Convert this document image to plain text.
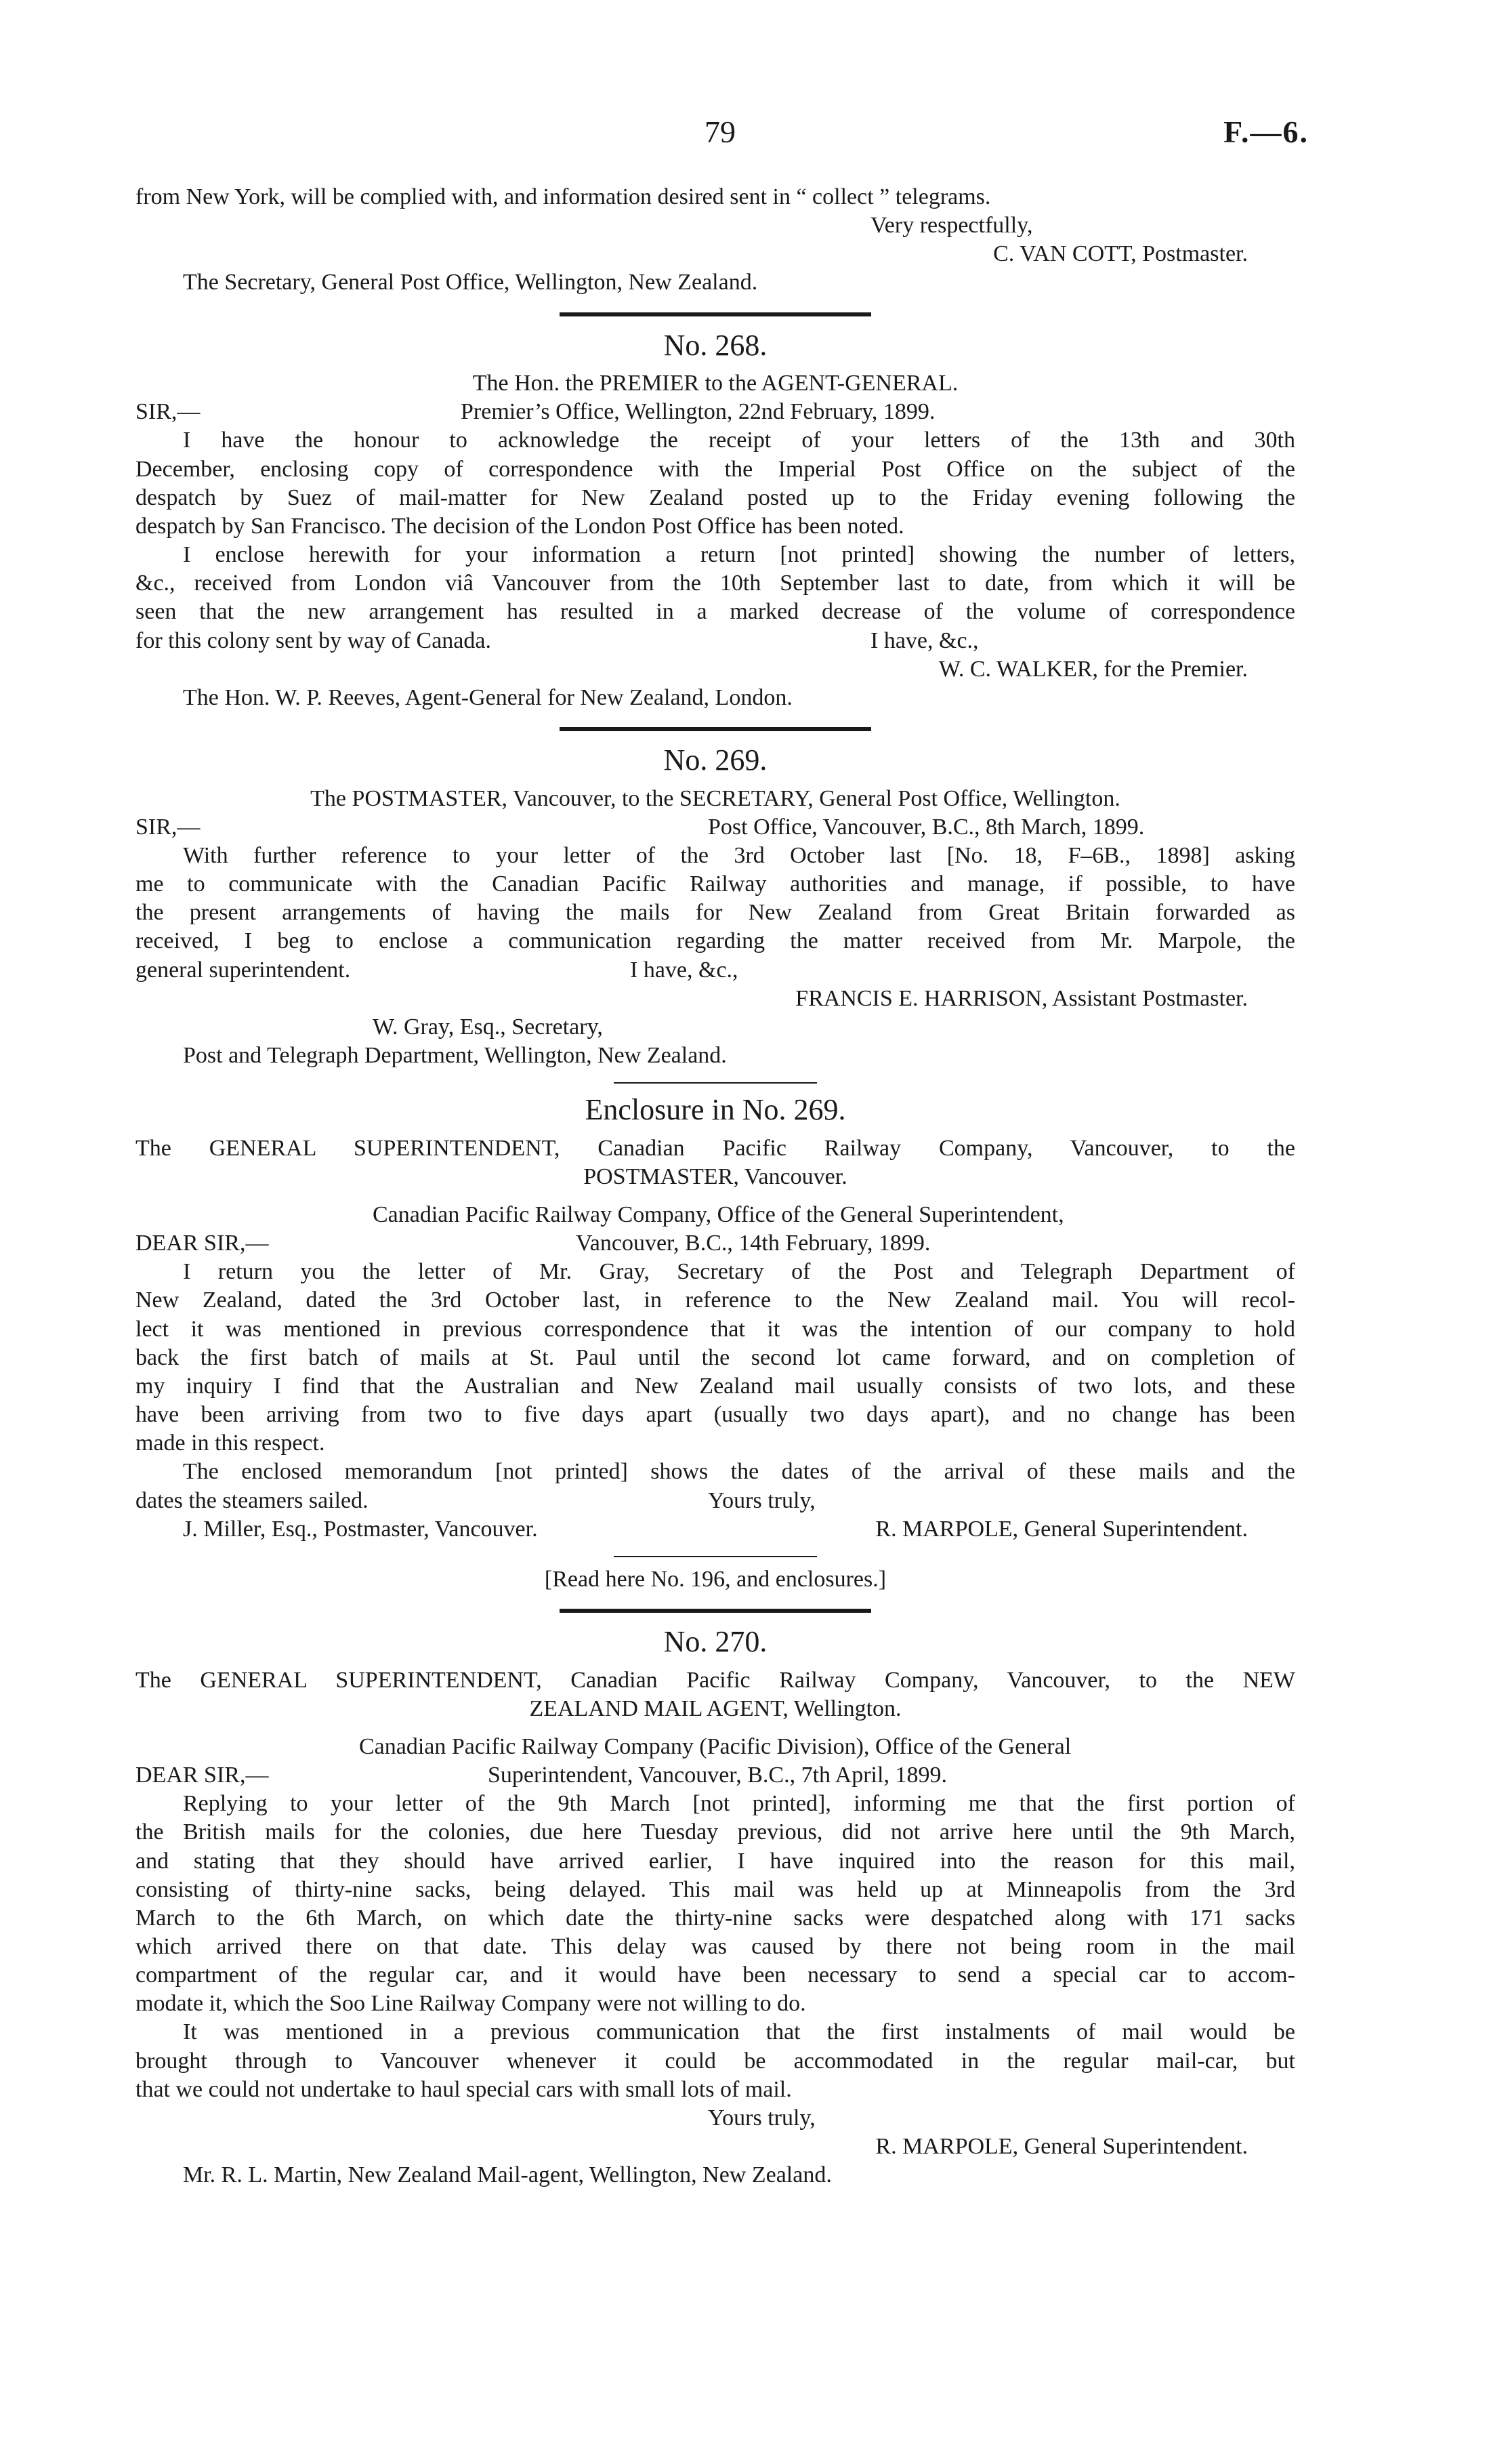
79	F.—6.
from New York, will be complied with, and information desired sent in “ collect ” telegrams.
Very respectfully,
C. VAN COTT, Postmaster.
The Secretary, General Post Office, Wellington, New Zealand.
No. 268.
The Hon. the PREMIER to the AGENT-GENERAL.
SIR,—	Premier’s Office, Wellington, 22nd February, 1899.
I have the honour to acknowledge the receipt of your letters of the 13th and 30th
December, enclosing copy of correspondence with the Imperial Post Office on the subject of the
despatch by Suez of mail-matter for New Zealand posted up to the Friday evening following the
despatch by San Francisco. The decision of the London Post Office has been noted.
I enclose herewith for your information a return [not printed] showing the number of letters,
&c., received from London viâ Vancouver from the 10th September last to date, from which it will be
seen that the new arrangement has resulted in a marked decrease of the volume of correspondence
for this colony sent by way of Canada.	I have, &c.,
W. C. WALKER, for the Premier.
The Hon. W. P. Reeves, Agent-General for New Zealand, London.
No. 269.
The POSTMASTER, Vancouver, to the SECRETARY, General Post Office, Wellington.
SIR,—	Post Office, Vancouver, B.C., 8th March, 1899.
With further reference to your letter of the 3rd October last [No. 18, F–6B., 1898] asking
me to communicate with the Canadian Pacific Railway authorities and manage, if possible, to have
the present arrangements of having the mails for New Zealand from Great Britain forwarded as
received, I beg to enclose a communication regarding the matter received from Mr. Marpole, the
general superintendent.	I have, &c.,
FRANCIS E. HARRISON, Assistant Postmaster.
W. Gray, Esq., Secretary,
Post and Telegraph Department, Wellington, New Zealand.
Enclosure in No. 269.
The GENERAL SUPERINTENDENT, Canadian Pacific Railway Company, Vancouver, to the
POSTMASTER, Vancouver.
Canadian Pacific Railway Company, Office of the General Superintendent,
DEAR SIR,—	Vancouver, B.C., 14th February, 1899.
I return you the letter of Mr. Gray, Secretary of the Post and Telegraph Department of
New Zealand, dated the 3rd October last, in reference to the New Zealand mail. You will recol-
lect it was mentioned in previous correspondence that it was the intention of our company to hold
back the first batch of mails at St. Paul until the second lot came forward, and on completion of
my inquiry I find that the Australian and New Zealand mail usually consists of two lots, and these
have been arriving from two to five days apart (usually two days apart), and no change has been
made in this respect.
The enclosed memorandum [not printed] shows the dates of the arrival of these mails and the
dates the steamers sailed.	Yours truly,
J. Miller, Esq., Postmaster, Vancouver.	R. MARPOLE, General Superintendent.
[Read here No. 196, and enclosures.]
No. 270.
The GENERAL SUPERINTENDENT, Canadian Pacific Railway Company, Vancouver, to the NEW
ZEALAND MAIL AGENT, Wellington.
Canadian Pacific Railway Company (Pacific Division), Office of the General
DEAR SIR,—	Superintendent, Vancouver, B.C., 7th April, 1899.
Replying to your letter of the 9th March [not printed], informing me that the first portion of
the British mails for the colonies, due here Tuesday previous, did not arrive here until the 9th March,
and stating that they should have arrived earlier, I have inquired into the reason for this mail,
consisting of thirty-nine sacks, being delayed. This mail was held up at Minneapolis from the 3rd
March to the 6th March, on which date the thirty-nine sacks were despatched along with 171 sacks
which arrived there on that date. This delay was caused by there not being room in the mail
compartment of the regular car, and it would have been necessary to send a special car to accom-
modate it, which the Soo Line Railway Company were not willing to do.
It was mentioned in a previous communication that the first instalments of mail would be
brought through to Vancouver whenever it could be accommodated in the regular mail-car, but
that we could not undertake to haul special cars with small lots of mail.
Yours truly,
R. MARPOLE, General Superintendent.
Mr. R. L. Martin, New Zealand Mail-agent, Wellington, New Zealand.
